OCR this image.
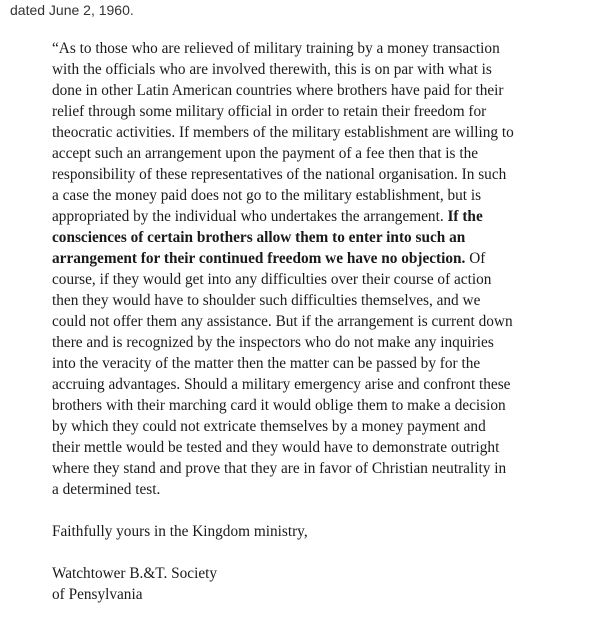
dated June 2, 1960.

“As to those who are relieved of military training by a money transaction
with the officials who are involved therewith, this is on par with what is
done in other Latin American countries where brothers have paid for their
relief through some military official in order to retain their freedom for
theocratic activities. If members of the military establishment are willing to
accept such an arrangement upon the payment of a fee then that is the
responsibility of these representatives of the national organisation. In such
a case the money paid does not go to the military establishment, but is
appropriated by the individual who undertakes the arrangement. If the
consciences of certain brothers allow them to enter into such an
arrangement for their continued freedom we have no objection. Of
course, if they would get into any difficulties over their course of action
then they would have to shoulder such difficulties themselves, and we
could not offer them any assistance. But if the arrangement is current down
there and is recognized by the inspectors who do not make any inquiries
into the veracity of the matter then the matter can be passed by for the
accruing advantages. Should a military emergency arise and confront these
brothers with their marching card it would oblige them to make a decision
by which they could not extricate themselves by a money payment and
their mettle would be tested and they would have to demonstrate outright
where they stand and prove that they are in favor of Christian neutrality in
a determined test.

Faithfully yours in the Kingdom ministry,

Watchtower B.&T. Society
of Pensylvania
